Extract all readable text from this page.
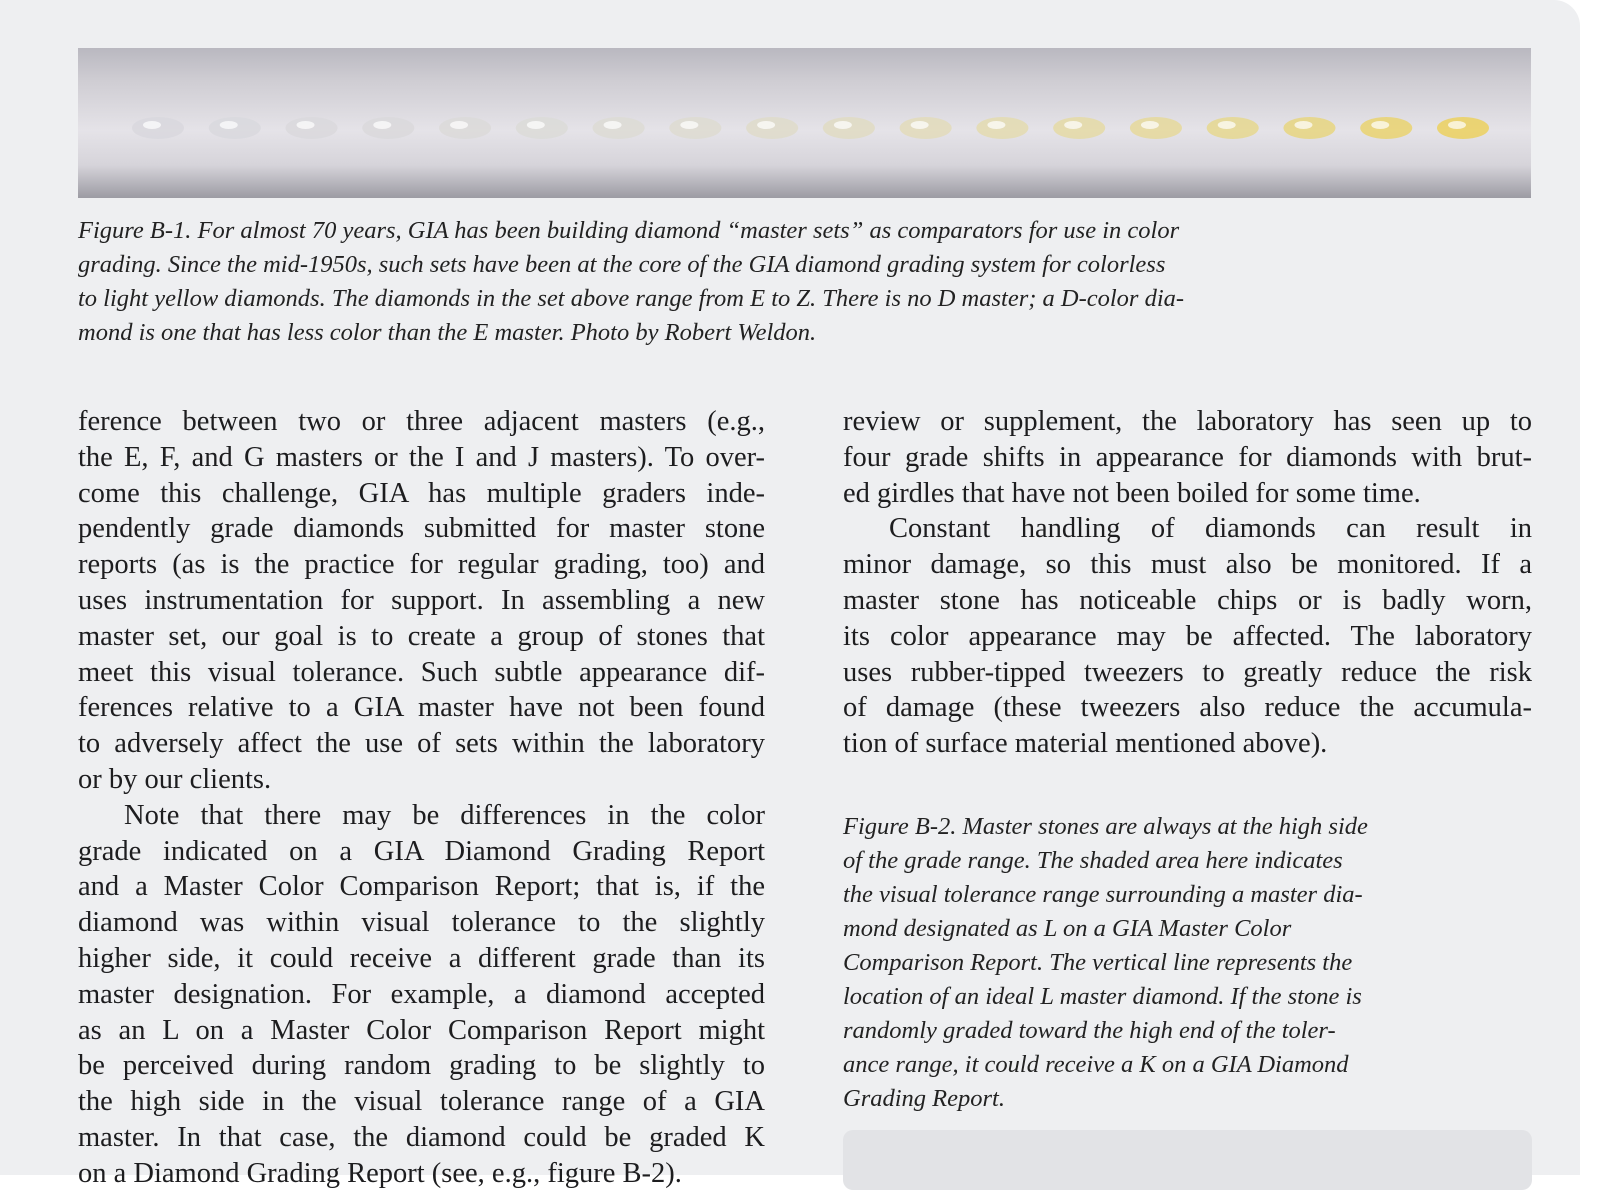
Figure B-1. For almost 70 years, GIA has been building diamond “master sets” as comparators for use in color
grading. Since the mid-1950s, such sets have been at the core of the GIA diamond grading system for colorless
to light yellow diamonds. The diamonds in the set above range from E to Z. There is no D master; a D-color dia-
mond is one that has less color than the E master. Photo by Robert Weldon.
ference between two or three adjacent masters (e.g.,
the E, F, and G masters or the I and J masters). To over-
come this challenge, GIA has multiple graders inde-
pendently grade diamonds submitted for master stone
reports (as is the practice for regular grading, too) and
uses instrumentation for support. In assembling a new
master set, our goal is to create a group of stones that
meet this visual tolerance. Such subtle appearance dif-
ferences relative to a GIA master have not been found
to adversely affect the use of sets within the laboratory
or by our clients.
Note that there may be differences in the color
grade indicated on a GIA Diamond Grading Report
and a Master Color Comparison Report; that is, if the
diamond was within visual tolerance to the slightly
higher side, it could receive a different grade than its
master designation. For example, a diamond accepted
as an L on a Master Color Comparison Report might
be perceived during random grading to be slightly to
the high side in the visual tolerance range of a GIA
master. In that case, the diamond could be graded K
on a Diamond Grading Report (see, e.g., figure B-2).
review or supplement, the laboratory has seen up to
four grade shifts in appearance for diamonds with brut-
ed girdles that have not been boiled for some time.
Constant handling of diamonds can result in
minor damage, so this must also be monitored. If a
master stone has noticeable chips or is badly worn,
its color appearance may be affected. The laboratory
uses rubber-tipped tweezers to greatly reduce the risk
of damage (these tweezers also reduce the accumula-
tion of surface material mentioned above).
Figure B-2. Master stones are always at the high side
of the grade range. The shaded area here indicates
the visual tolerance range surrounding a master dia-
mond designated as L on a GIA Master Color
Comparison Report. The vertical line represents the
location of an ideal L master diamond. If the stone is
randomly graded toward the high end of the toler-
ance range, it could receive a K on a GIA Diamond
Grading Report.
